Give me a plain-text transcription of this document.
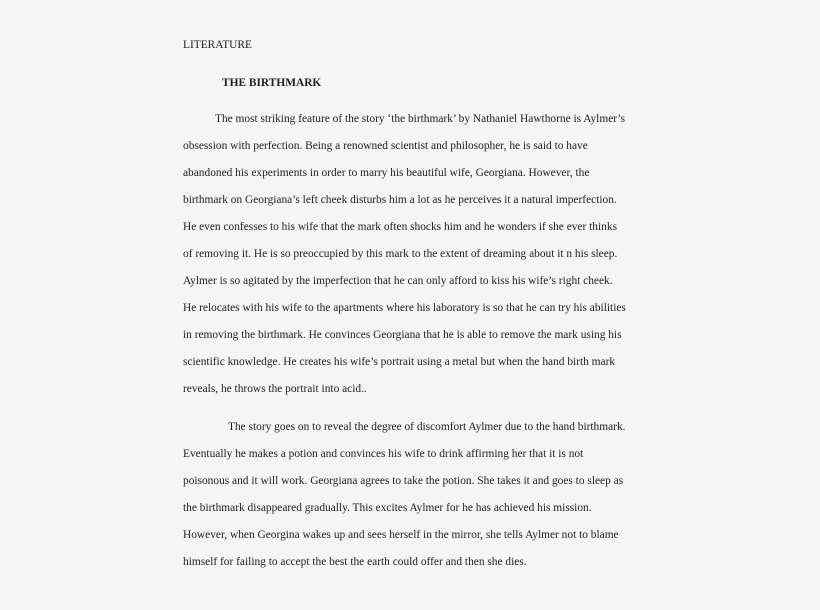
LITERATURE
THE BIRTHMARK
The most striking feature of the story ‘the birthmark’ by Nathaniel Hawthorne is Aylmer’s
obsession with perfection. Being a renowned scientist and philosopher, he is said to have
abandoned his experiments in order to marry his beautiful wife, Georgiana. However, the
birthmark on Georgiana’s left cheek disturbs him a lot as he perceives it a natural imperfection.
He even confesses to his wife that the mark often shocks him and he wonders if she ever thinks
of removing it. He is so preoccupied by this mark to the extent of dreaming about it n his sleep.
Aylmer is so agitated by the imperfection that he can only afford to kiss his wife’s right cheek.
He relocates with his wife to the apartments where his laboratory is so that he can try his abilities
in removing the birthmark. He convinces Georgiana that he is able to remove the mark using his
scientific knowledge. He creates his wife’s portrait using a metal but when the hand birth mark
reveals, he throws the portrait into acid..
The story goes on to reveal the degree of discomfort Aylmer due to the hand birthmark.
Eventually he makes a potion and convinces his wife to drink affirming her that it is not
poisonous and it will work. Georgiana agrees to take the potion. She takes it and goes to sleep as
the birthmark disappeared gradually. This excites Aylmer for he has achieved his mission.
However, when Georgina wakes up and sees herself in the mirror, she tells Aylmer not to blame
himself for failing to accept the best the earth could offer and then she dies.
